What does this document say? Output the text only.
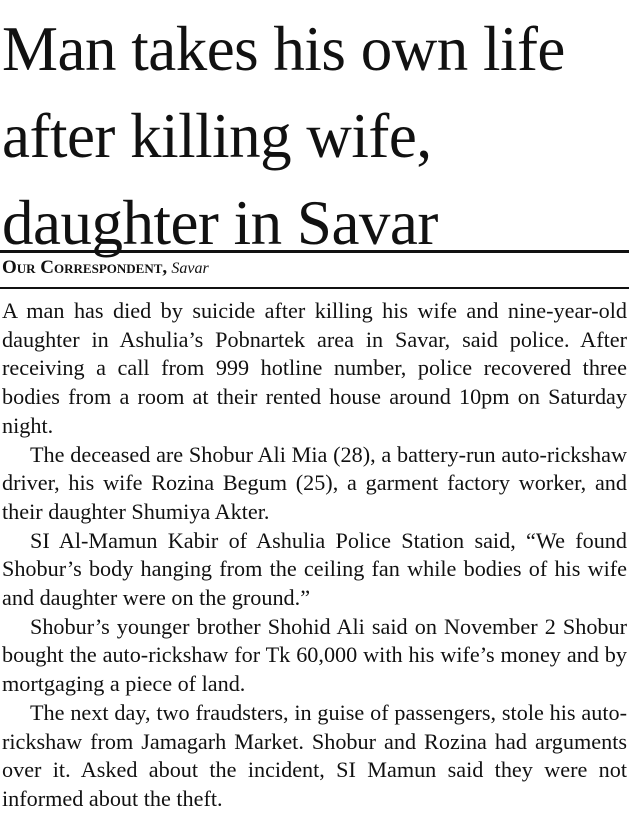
Man takes his own life after killing wife, daughter in Savar
Our Correspondent, Savar

A man has died by suicide after killing his wife and nine-year-old daughter in Ashulia’s Pobnartek area in Savar, said police. After receiving a call from 999 hotline number, police recovered three bodies from a room at their rented house around 10pm on Saturday night.

The deceased are Shobur Ali Mia (28), a battery-run auto-rickshaw driver, his wife Rozina Begum (25), a garment factory worker, and their daughter Shumiya Akter.

SI Al-Mamun Kabir of Ashulia Police Station said, “We found Shobur’s body hanging from the ceiling fan while bodies of his wife and daughter were on the ground.”

Shobur’s younger brother Shohid Ali said on November 2 Shobur bought the auto-rickshaw for Tk 60,000 with his wife’s money and by mortgaging a piece of land.

The next day, two fraudsters, in guise of passengers, stole his auto-rickshaw from Jamagarh Market. Shobur and Rozina had arguments over it. Asked about the incident, SI Mamun said they were not informed about the theft.
